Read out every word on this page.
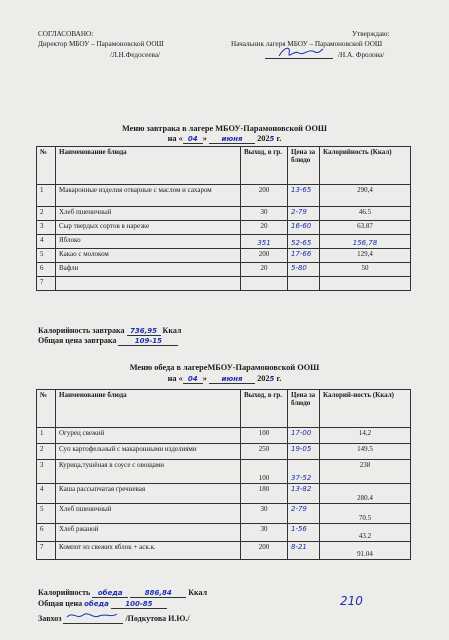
СОГЛАСОВАНО:
Директор МБОУ – Парамоновской ООШ
/Л.Н.Федосеева/
Утверждаю:
Начальник лагеря МБОУ – Парамоновской ООШ
/Н.А. Фролова/
Меню завтрака в лагере МБОУ-Парамоновской ООШ
на « 04 » июня 2025 г.
№	Наименование блюда	Выход, в гр.	Цена за блюдо	Калорийность (Ккал)
1	Макаронные изделия отварные с маслом и сахаром	200	13-65	290,4
2	Хлеб пшеничный	30	2-79	46.5
3	Сыр твердых сортов в нарезке	20	16-60	63.87
4	Яблоко	351	52-65	156,78
5	Какао с молоком	200	17-66	129,4
6	Вафли	20	5-80	50
7				
Калорийность завтрака 736,95 Ккал
Общая цена завтрака	109-15
Меню обеда в лагереМБОУ-Парамоновской ООШ
на « 04 » июня 2025 г.
№	Наименование блюда	Выход, в гр.	Цена за блюдо	Калорий-ность (Ккал)
1	Огурец свежий	100	17-00	14,2
2	Суп картофельный с макаронными изделиями	250	19-05	149.5
3	Курица,тушёная в соусе с овощами	100	37-52	238
4	Каша рассыпчатая гречневая	180	13-82	280.4
5	Хлеб пшеничный	30	2-79	70.5
6	Хлеб ржаной	30	1-56	43.2
7	Компот из свежих яблок + аск.к.	200	8-21	91.04
Калорийность обеда	886,84 Ккал
210
Общая цена обеда 100-85
Завхоз	/Подкутова И.Ю./
